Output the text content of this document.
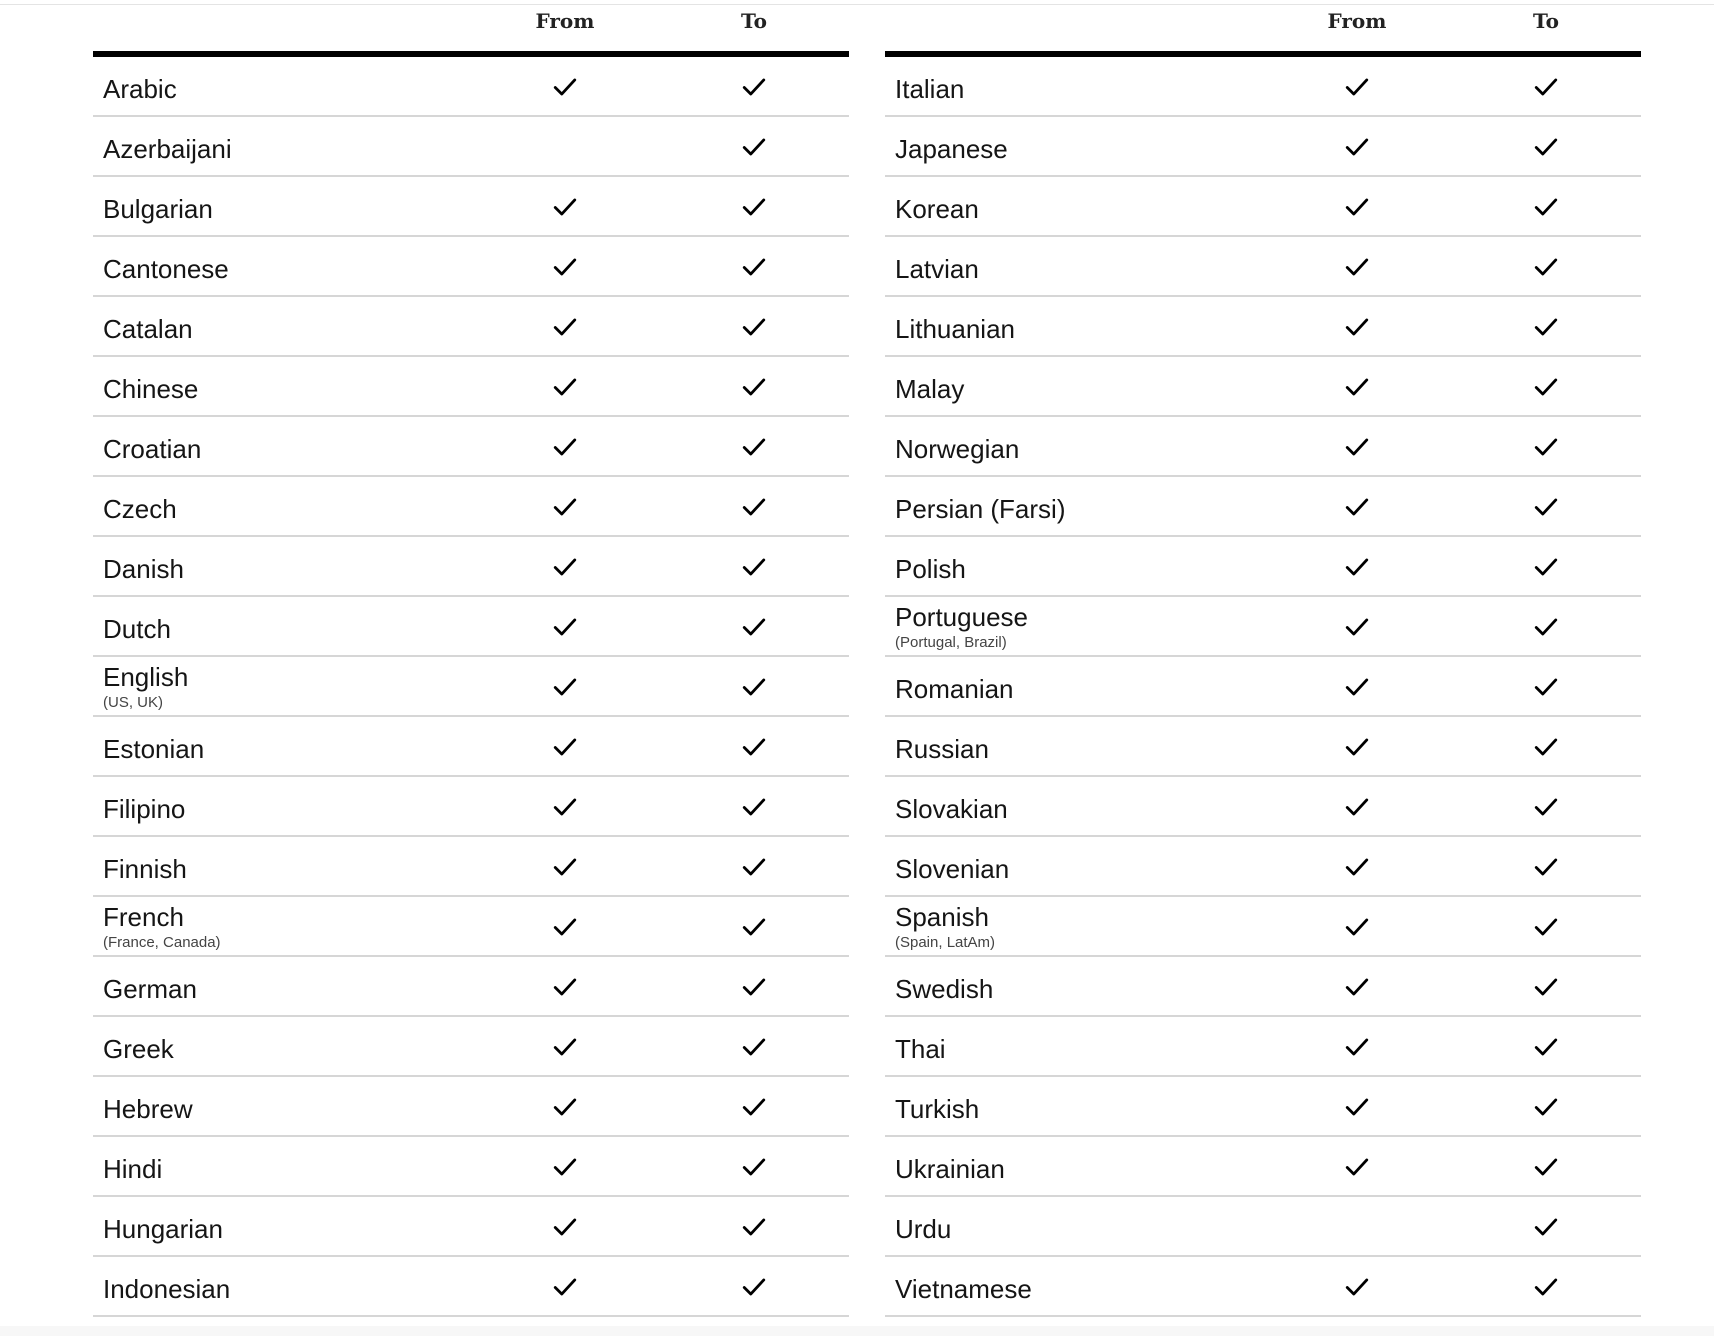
From	To
Arabic
Azerbaijani
Bulgarian
Cantonese
Catalan
Chinese
Croatian
Czech
Danish
Dutch
English
(US, UK)
Estonian
Filipino
Finnish
French
(France, Canada)
German
Greek
Hebrew
Hindi
Hungarian
Indonesian
From	To
Italian
Japanese
Korean
Latvian
Lithuanian
Malay
Norwegian
Persian (Farsi)
Polish
Portuguese
(Portugal, Brazil)
Romanian
Russian
Slovakian
Slovenian
Spanish
(Spain, LatAm)
Swedish
Thai
Turkish
Ukrainian
Urdu
Vietnamese
